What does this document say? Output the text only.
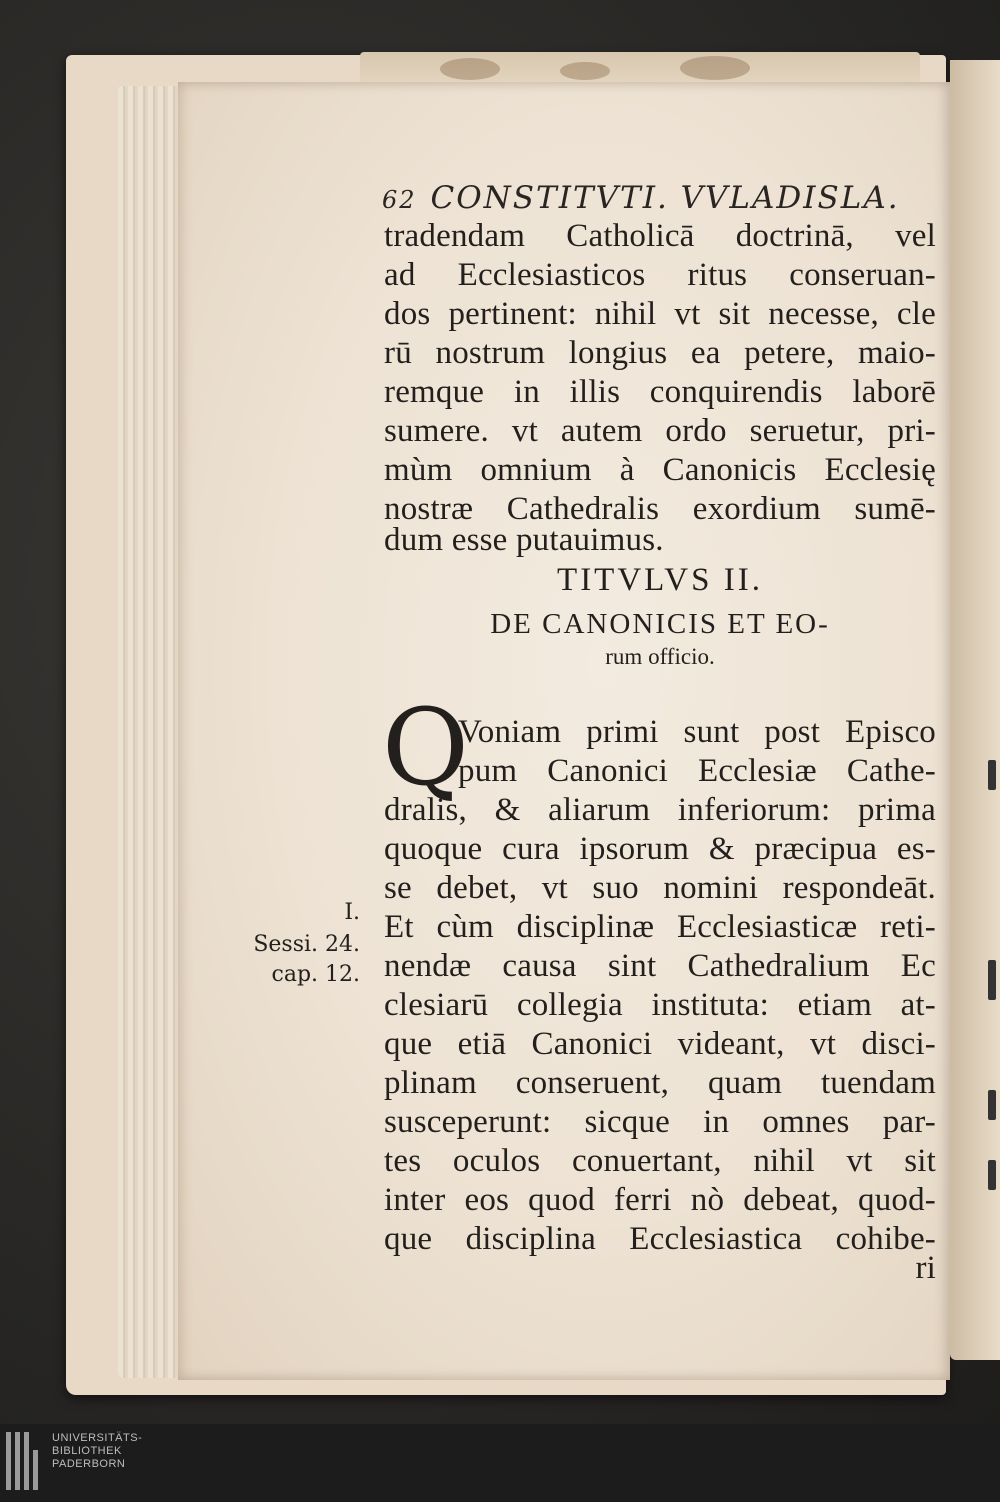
62 CONSTITVTI. VVLADISLA.
tradendam Catholicā doctrinā, vel
ad Ecclesiasticos ritus conseruan-
dos pertinent: nihil vt sit necesse, cle
rū nostrum longius ea petere, maio-
remque in illis conquirendis laborē
sumere. vt autem ordo seruetur, pri-
mùm omnium à Canonicis Ecclesię
nostræ Cathedralis exordium sumē-
dum esse putauimus.
TITVLVS II.
DE CANONICIS ET EO-
rum officio.
Q
Voniam primi sunt post Episco
pum Canonici Ecclesiæ Cathe-
dralis, & aliarum inferiorum: prima
quoque cura ipsorum & præcipua es-
se debet, vt suo nomini respondeāt.
Et cùm disciplinæ Ecclesiasticæ reti-
nendæ causa sint Cathedralium Ec
clesiarū collegia instituta: etiam at-
que etiā Canonici videant, vt disci-
plinam conseruent, quam tuendam
susceperunt: sicque in omnes par-
tes oculos conuertant, nihil vt sit
inter eos quod ferri nò debeat, quod-
que disciplina Ecclesiastica cohibe-
ri
I.
Sessi. 24.
cap. 12.
UNIVERSITÄTS-
BIBLIOTHEK
PADERBORN
